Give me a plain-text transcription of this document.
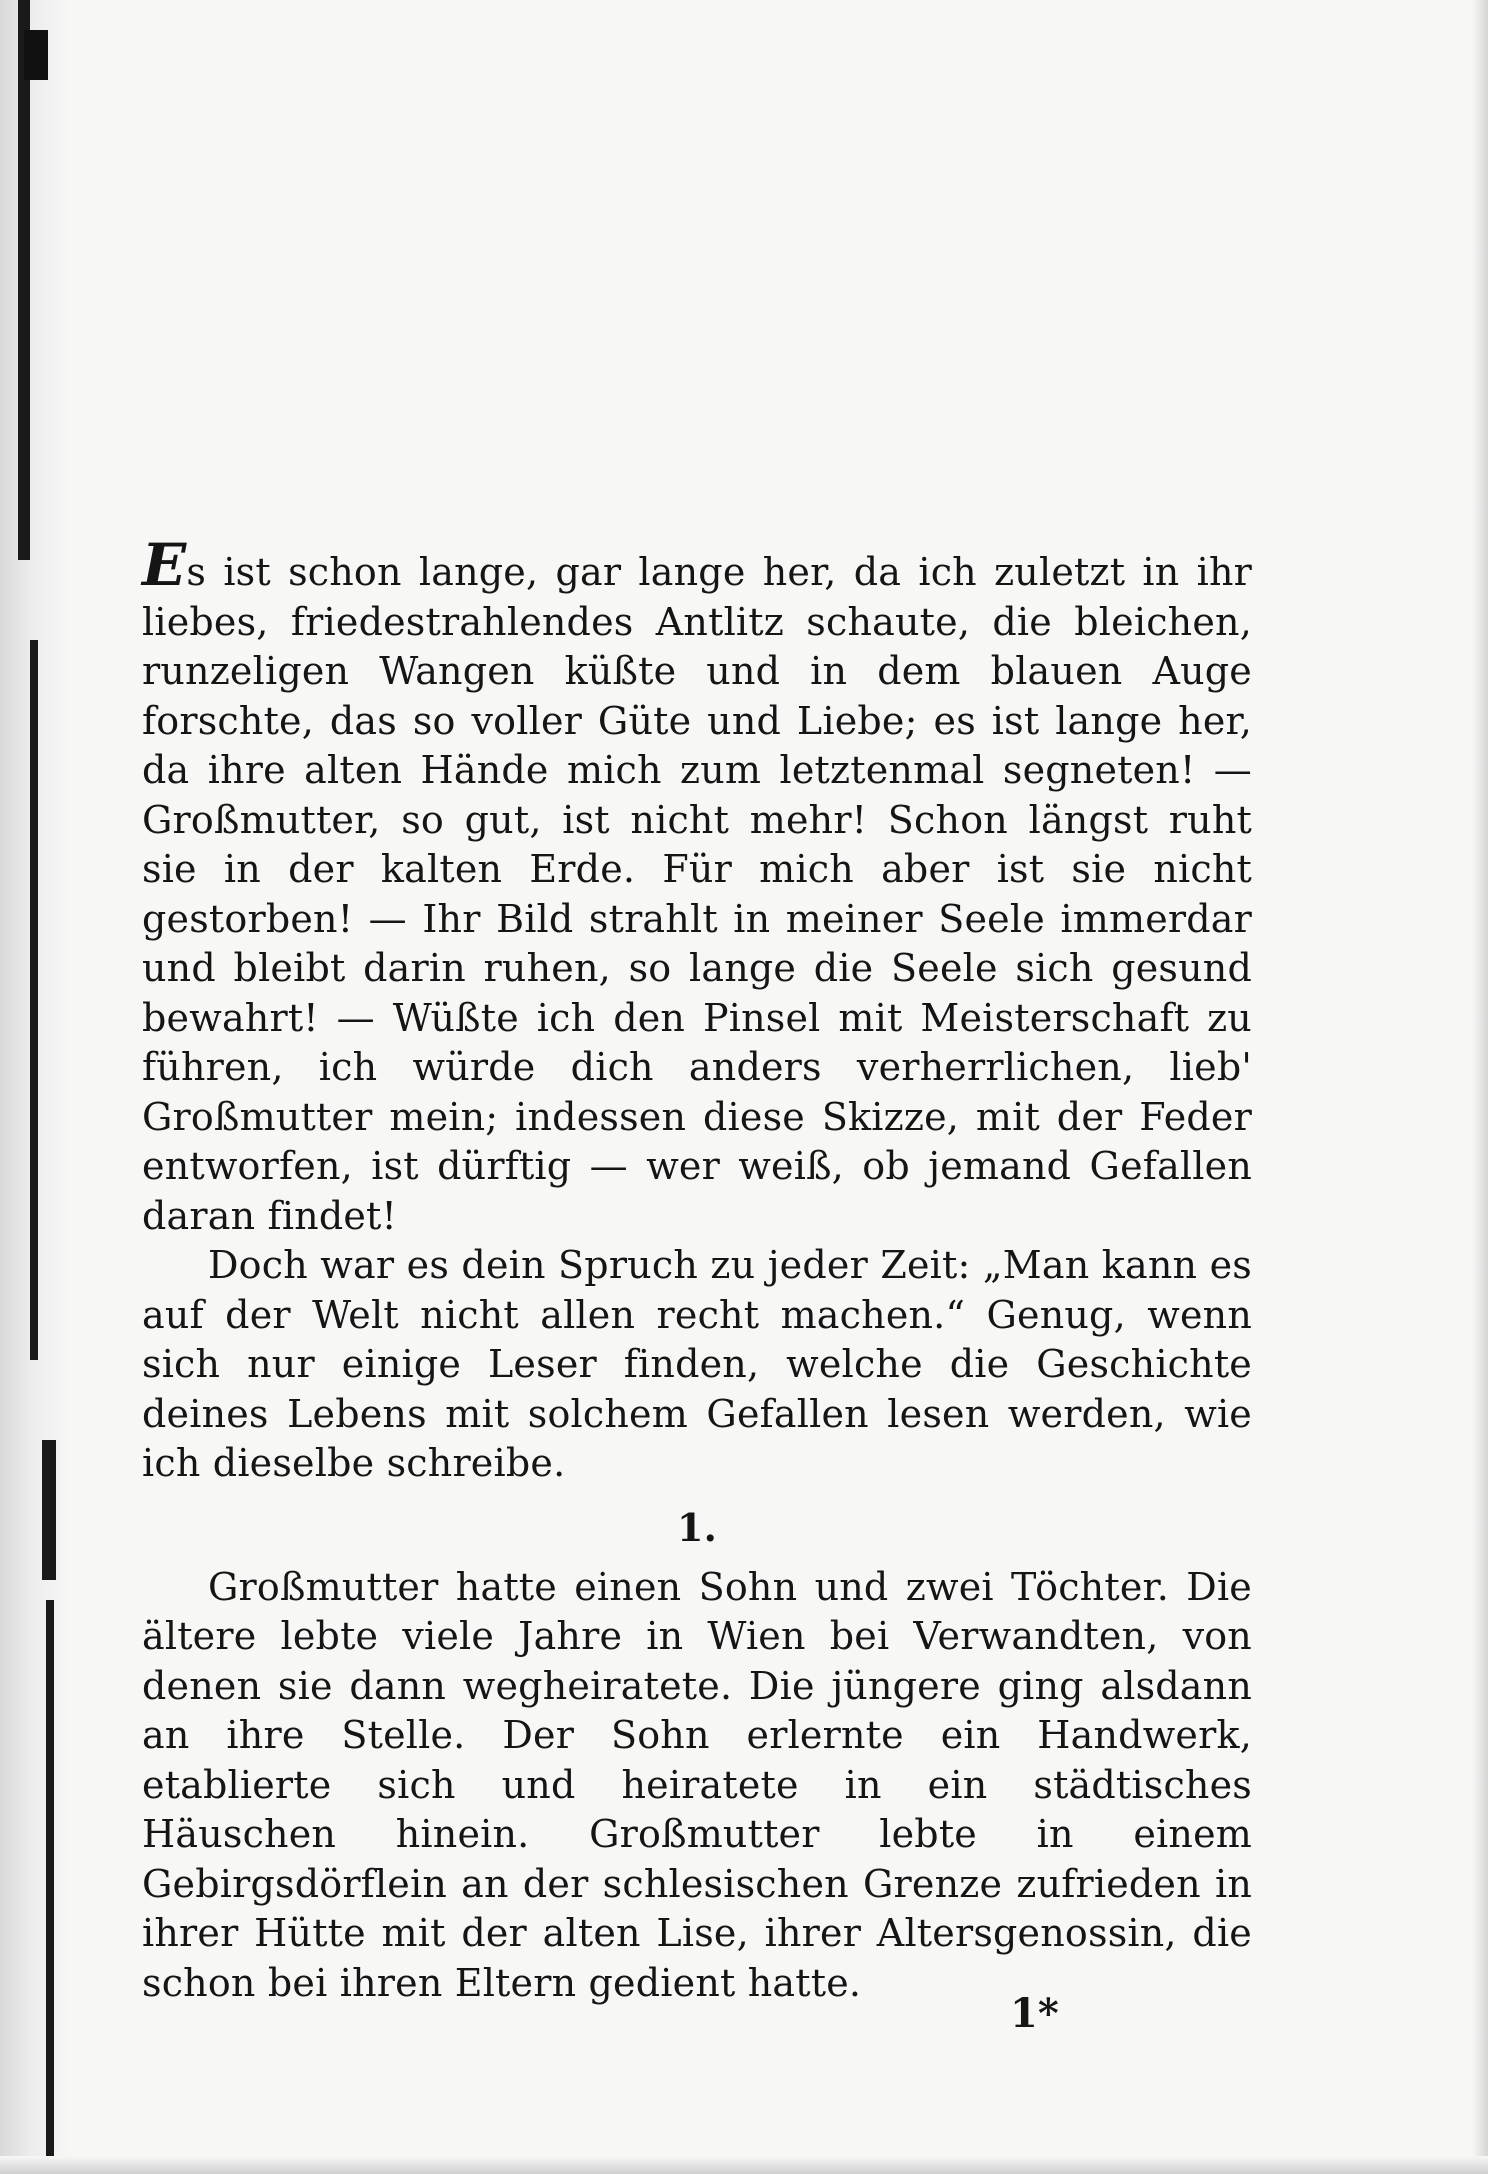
Es ist schon lange, gar lange her, da ich zuletzt in ihr liebes, friedestrahlendes Antlitz schaute, die bleichen, runzeligen Wangen küßte und in dem blauen Auge forschte, das so voller Güte und Liebe; es ist lange her, da ihre alten Hände mich zum letztenmal segneten! — Großmutter, so gut, ist nicht mehr! Schon längst ruht sie in der kalten Erde. Für mich aber ist sie nicht gestorben! — Ihr Bild strahlt in meiner Seele immerdar und bleibt darin ruhen, so lange die Seele sich gesund bewahrt! — Wüßte ich den Pinsel mit Meisterschaft zu führen, ich würde dich anders verherrlichen, lieb' Großmutter mein; indessen diese Skizze, mit der Feder entworfen, ist dürftig — wer weiß, ob jemand Gefallen daran findet!

Doch war es dein Spruch zu jeder Zeit: „Man kann es auf der Welt nicht allen recht machen.“ Genug, wenn sich nur einige Leser finden, welche die Geschichte deines Lebens mit solchem Gefallen lesen werden, wie ich dieselbe schreibe.

1.

Großmutter hatte einen Sohn und zwei Töchter. Die ältere lebte viele Jahre in Wien bei Verwandten, von denen sie dann wegheiratete. Die jüngere ging alsdann an ihre Stelle. Der Sohn erlernte ein Handwerk, etablierte sich und heiratete in ein städtisches Häuschen hinein. Großmutter lebte in einem Gebirgsdörflein an der schlesischen Grenze zufrieden in ihrer Hütte mit der alten Lise, ihrer Altersgenossin, die schon bei ihren Eltern gedient hatte.

1*
